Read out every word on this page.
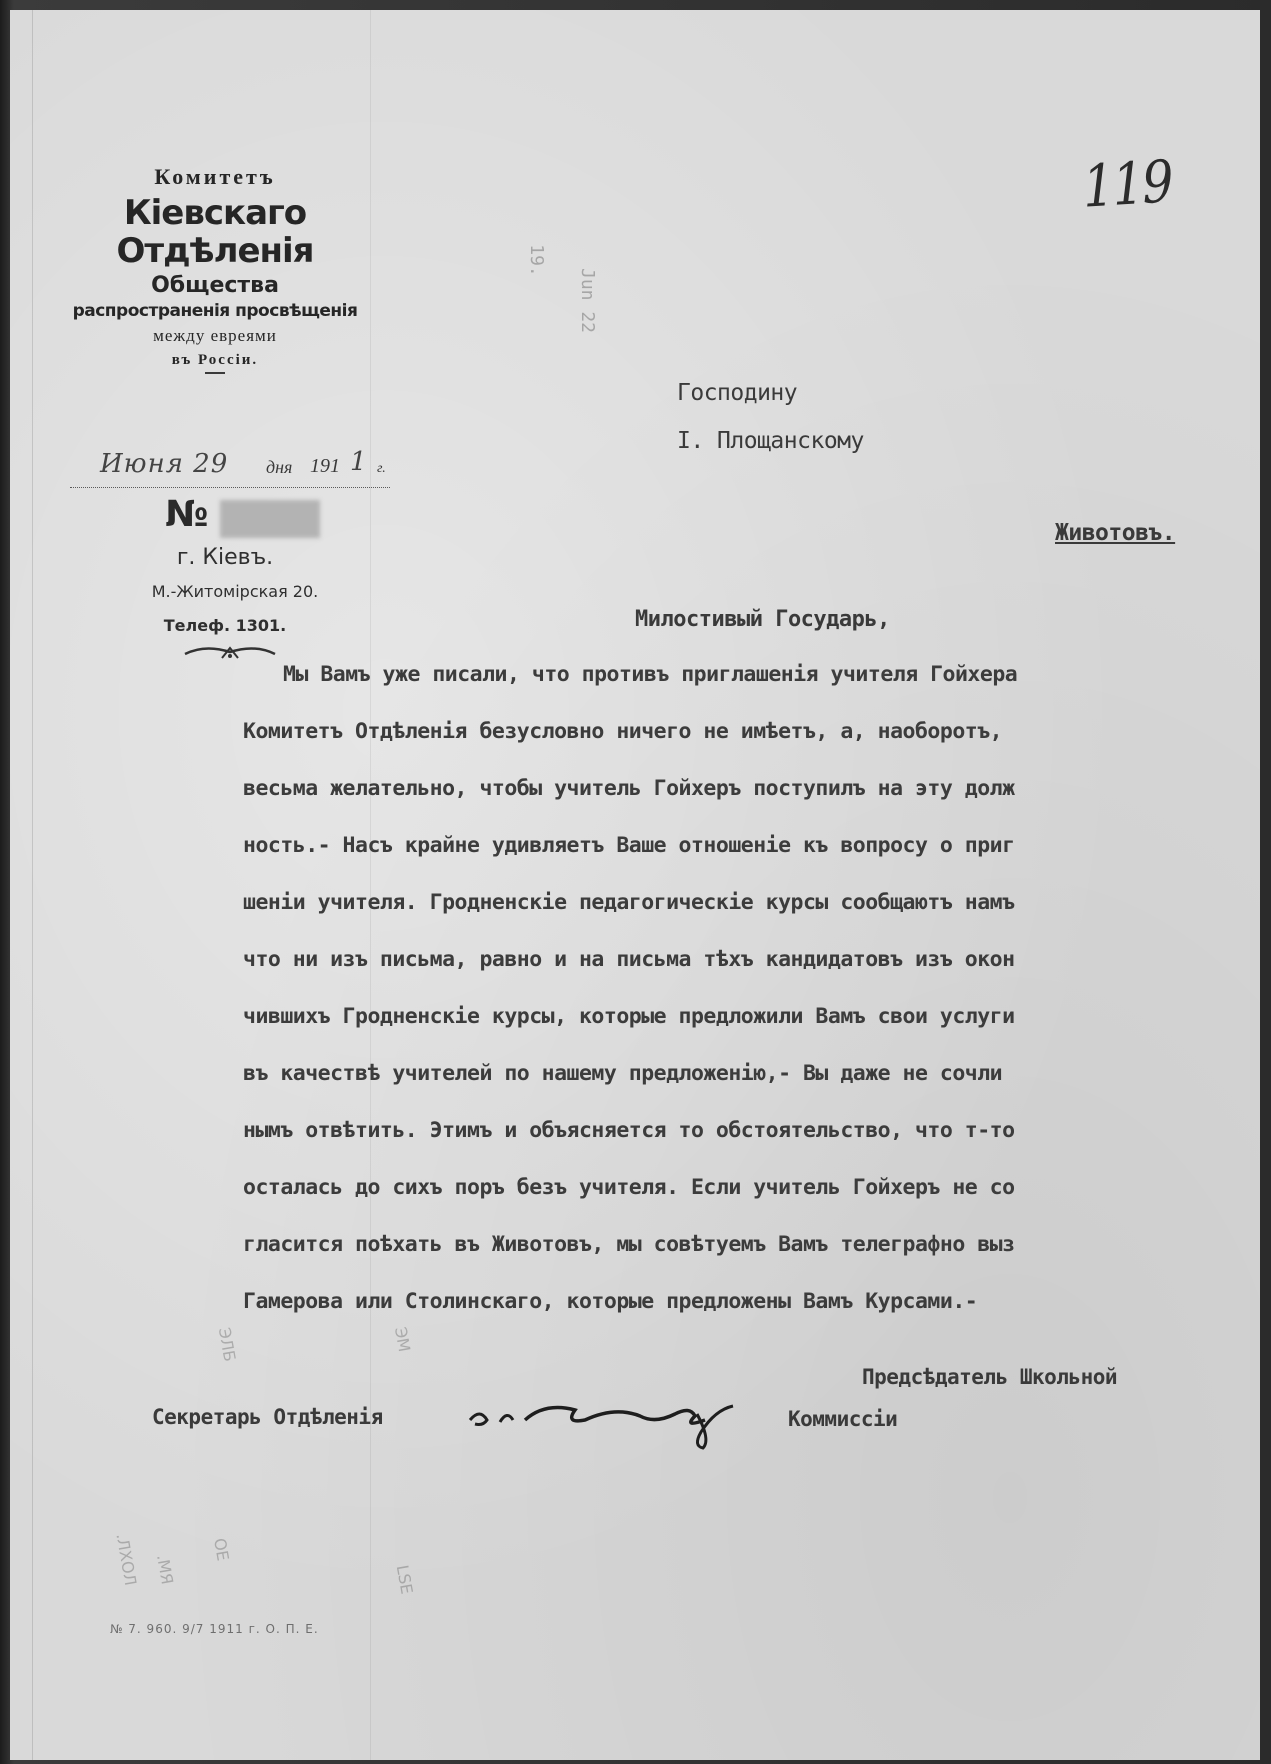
19.
Jun 22
ЭЛБ	ЭМ
.ЛХОЛ .МЯ
ОЕ
LSE
Комитетъ
Кіевскаго Отдѣленія
Общества
распространенія просвѣщенія
между евреями
въ Россіи.
Июня 29 дня 191 1 г.
№
г. Кіевъ.
М.-Житомірская 20.
Телеф. 1301.
119
Господину
I. Площанскому
Животовъ.
Милостивый Государь,
Мы Вамъ уже писали, что противъ приглашенія учителя Гойхера
Комитетъ Отдѣленія безусловно ничего не имѣетъ, а, наоборотъ,
весьма желательно, чтобы учитель Гойхеръ поступилъ на эту долж
ность.- Насъ крайне удивляетъ Ваше отношеніе къ вопросу о приг
шеніи учителя. Гродненскіе педагогическіе курсы сообщаютъ намъ
что ни изъ письма, равно и на письма тѣхъ кандидатовъ изъ окон
чившихъ Гродненскіе курсы, которые предложили Вамъ свои услуги
въ качествѣ учителей по нашему предложенію,- Вы даже не сочли
нымъ отвѣтить. Этимъ и объясняется то обстоятельство, что т-то
осталась до сихъ поръ безъ учителя. Если учитель Гойхеръ не со
гласится поѣхать въ Животовъ, мы совѣтуемъ Вамъ телеграфно выз
Гамерова или Столинскаго, которые предложены Вамъ Курсами.-
Секретарь Отдѣленія
Предсѣдатель Школьной
Коммиссіи
№ 7. 960. 9/7 1911 г. О. П. Е.
